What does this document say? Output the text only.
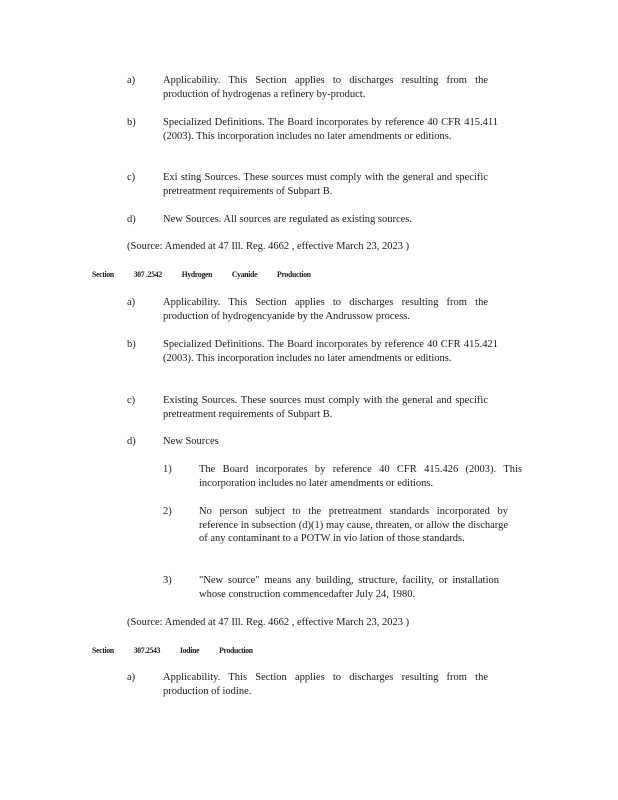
a)	Applicability. This Section applies to discharges resulting from the production of hydrogenas a refinery by-product.
b)	Specialized Definitions. The Board incorporates by reference 40 CFR 415.411 (2003). This incorporation includes no later amendments or editions.
c)	Exi sting Sources. These sources must comply with the general and specific pretreatment requirements of Subpart B.
d)	New Sources. All sources are regulated as existing sources.
(Source: Amended at 47 Ill. Reg. 4662 , effective March 23, 2023 )
Section 307 .2542 Hydrogen Cyanide Production
a)	Applicability. This Section applies to discharges resulting from the production of hydrogencyanide by the Andrussow process.
b)	Specialized Definitions. The Board incorporates by reference 40 CFR 415.421 (2003). This incorporation includes no later amendments or editions.
c)	Existing Sources. These sources must comply with the general and specific pretreatment requirements of Subpart B.
d)	New Sources
1)	The Board incorporates by reference 40 CFR 415.426 (2003). This incorporation includes no later amendments or editions.
2)	No person subject to the pretreatment standards incorporated by reference in subsection (d)(1) may cause, threaten, or allow the discharge of any contaminant to a POTW in vio lation of those standards.
3)	"New source" means any building, structure, facility, or installation whose construction commencedafter July 24, 1980.
(Source: Amended at 47 Ill. Reg. 4662 , effective March 23, 2023 )
Section 307.2543 Iodine Production
a)	Applicability. This Section applies to discharges resulting from the production of iodine.
